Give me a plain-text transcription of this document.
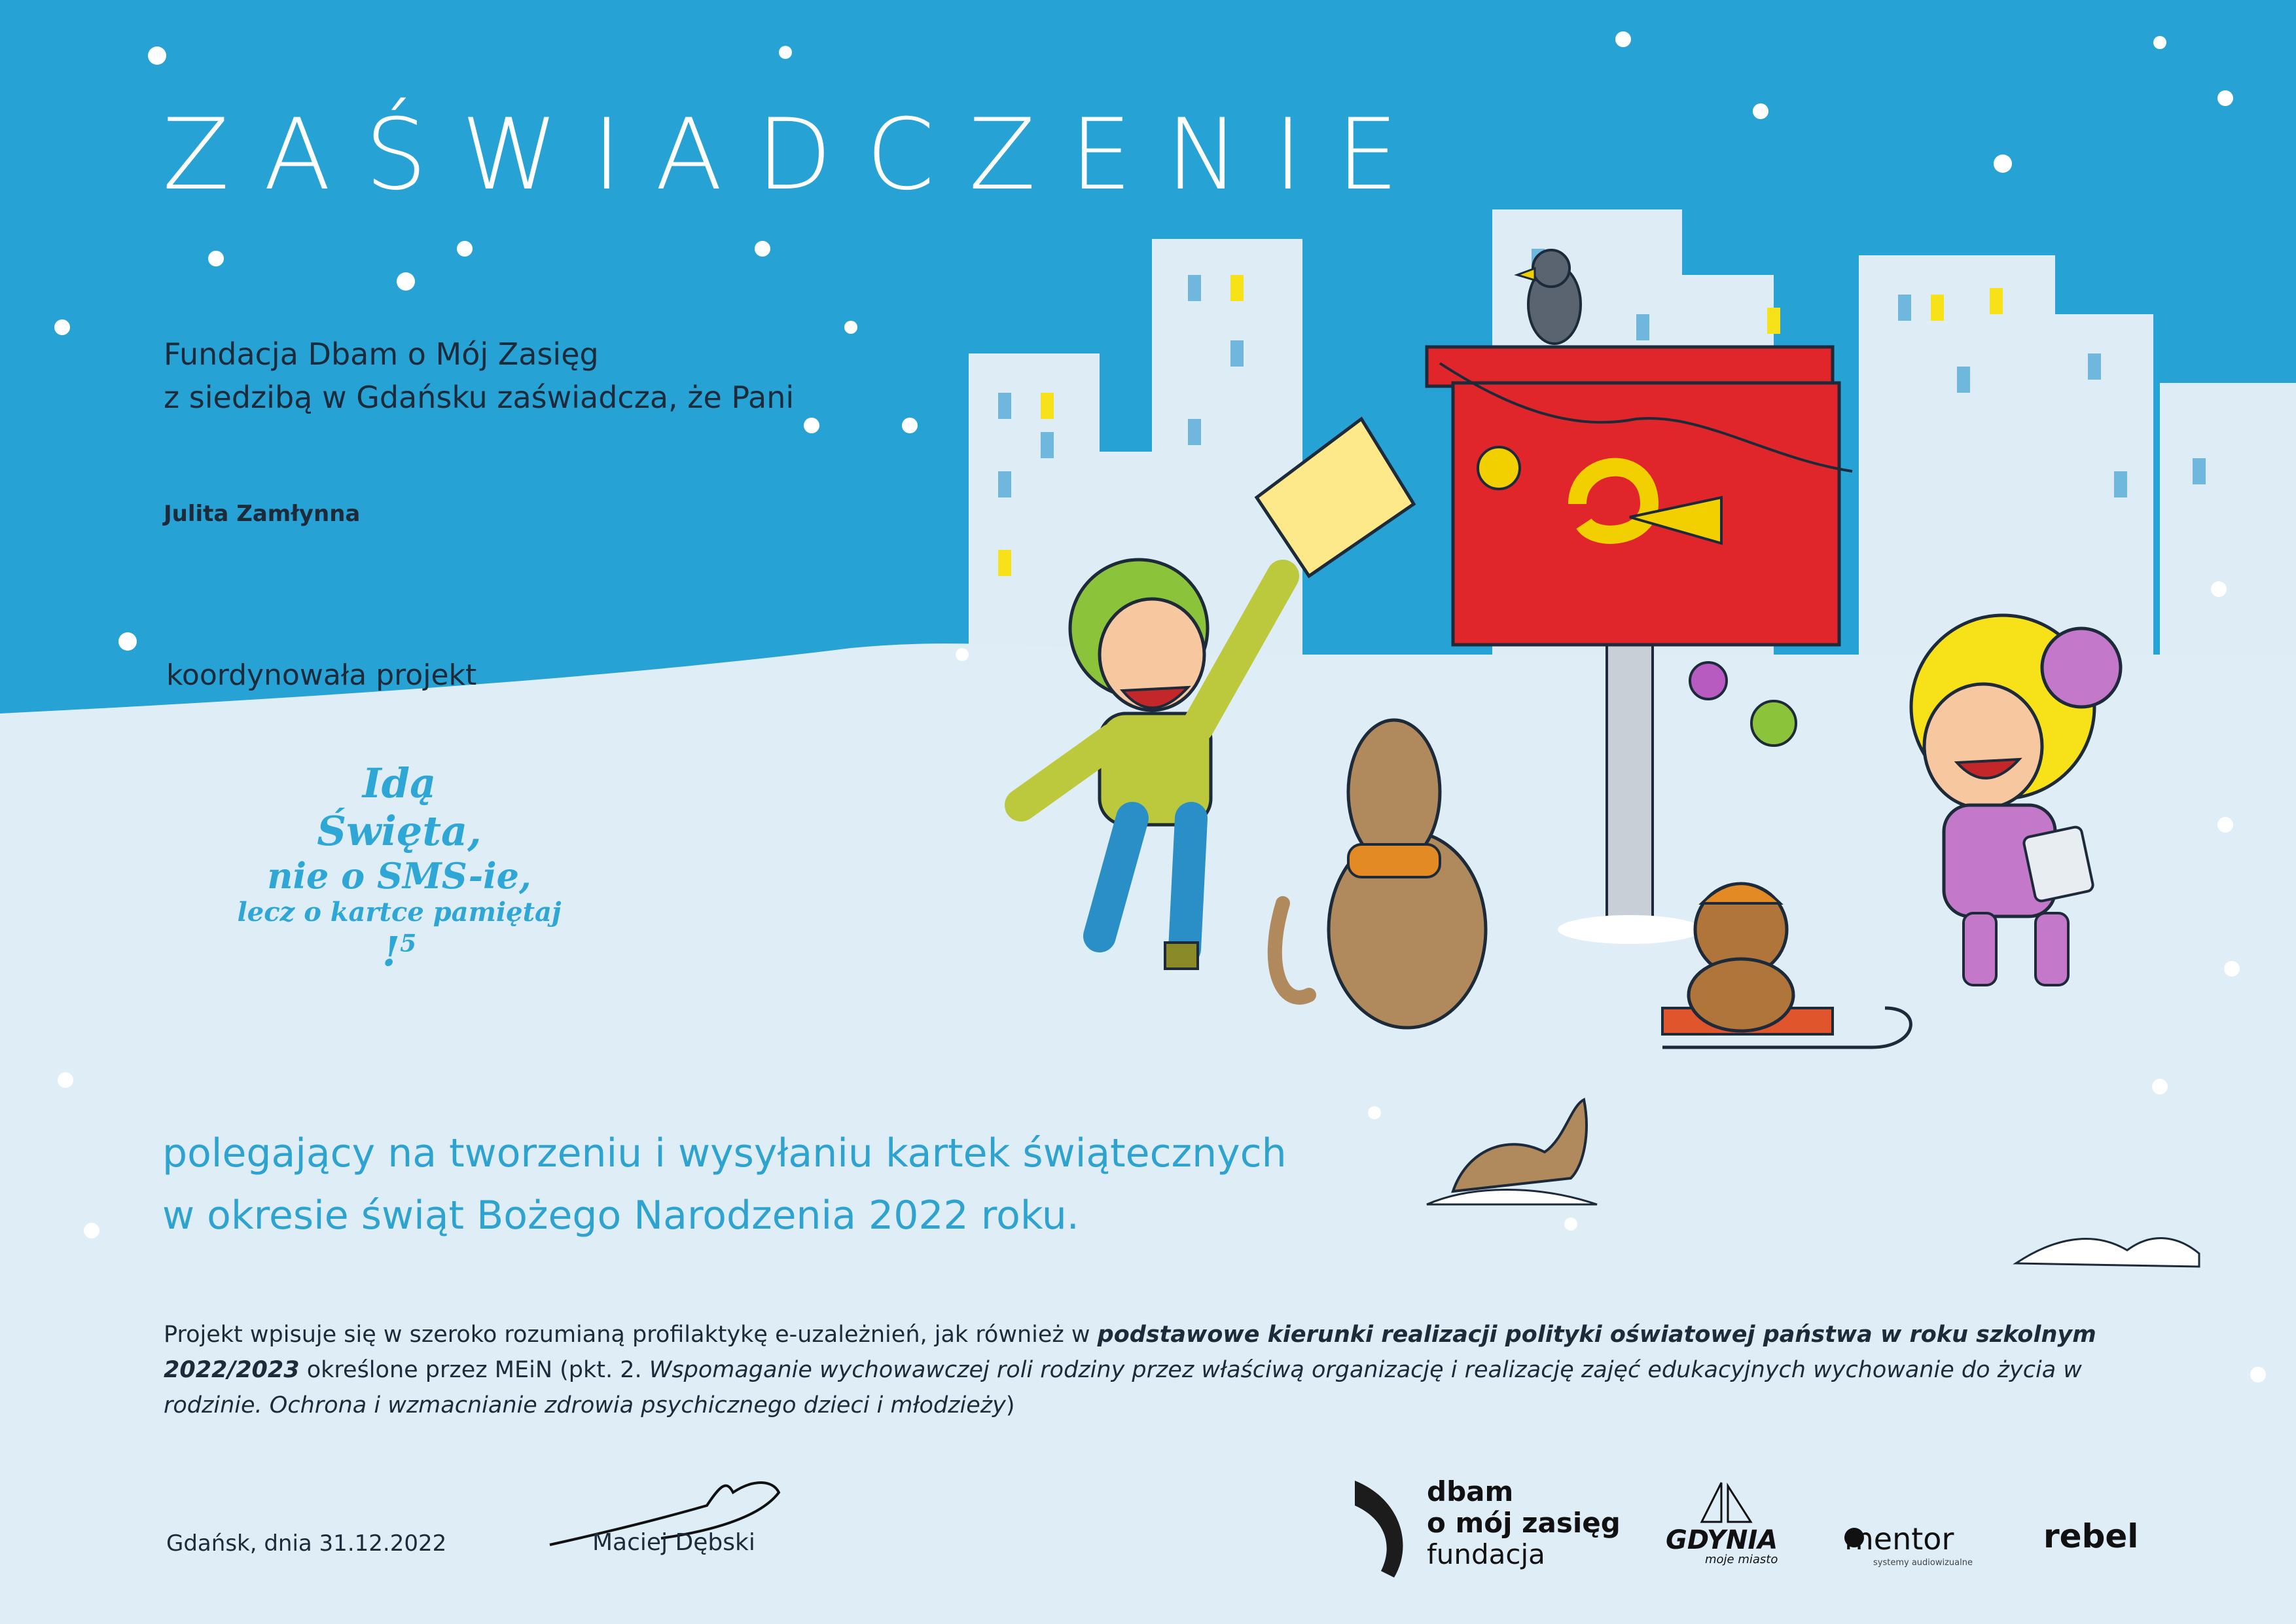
ZAŚWIADCZENIE
Fundacja Dbam o Mój Zasięg
z siedzibą w Gdańsku zaświadcza, że Pani
Julita Zamłynna
koordynowała projekt
Idą
Święta,
nie o SMS-ie,
lecz o kartce pamiętaj
!$^5$
polegający na tworzeniu i wysyłaniu kartek świątecznych
w okresie świąt Bożego Narodzenia 2022 roku.
Projekt wpisuje się w szeroko rozumianą profilaktykę e-uzależnień, jak również w podstawowe kierunki realizacji polityki oświatowej państwa w roku szkolnym 2022/2023 określone przez MEiN (pkt. 2. Wspomaganie wychowawczej roli rodziny przez właściwą organizację i realizację zajęć edukacyjnych wychowanie do życia w rodzinie. Ochrona i wzmacnianie zdrowia psychicznego dzieci i młodzieży)
Gdańsk, dnia 31.12.2022	Maciej Dębski
dbam
o mój zasięg
fundacja	GDYNIA
moje miasto
mentor
systemy audiowizualne
rebel
